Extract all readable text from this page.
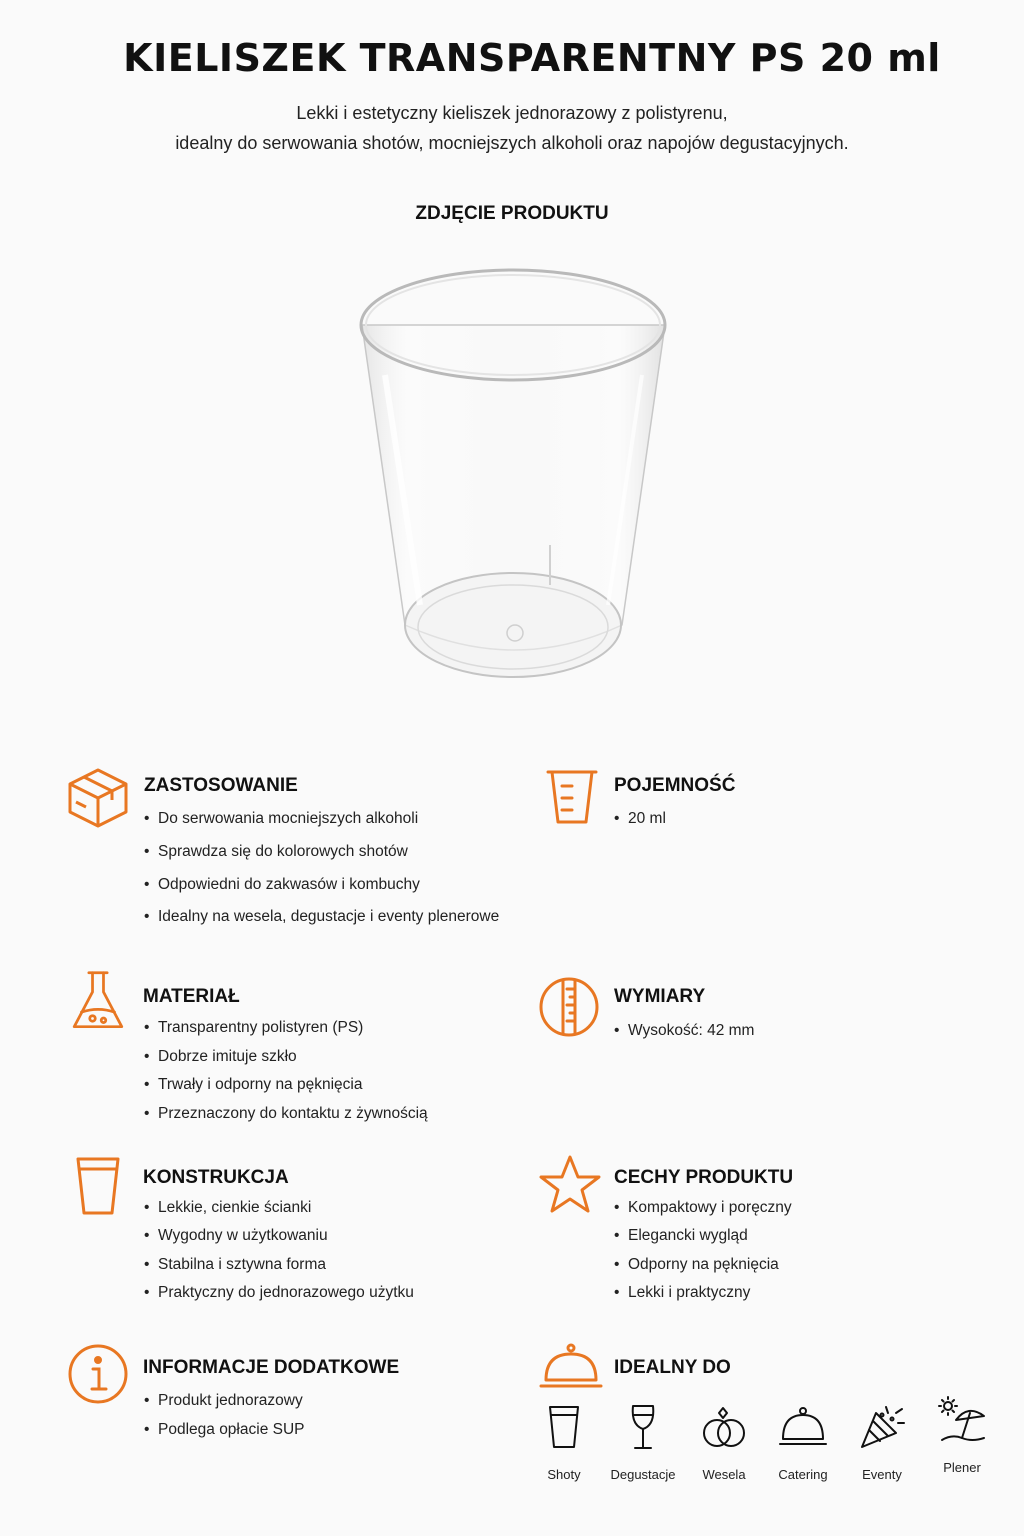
KIELISZEK TRANSPARENTNY PS 20 ml
Lekki i estetyczny kieliszek jednorazowy z polistyrenu,
idealny do serwowania shotów, mocniejszych alkoholi oraz napojów degustacyjnych.
ZDJĘCIE PRODUKTU
ZASTOSOWANIE
• Do serwowania mocniejszych alkoholi
• Sprawdza się do kolorowych shotów
• Odpowiedni do zakwasów i kombuchy
• Idealny na wesela, degustacje i eventy plenerowe
POJEMNOŚĆ
• 20 ml
MATERIAŁ
• Transparentny polistyren (PS)
• Dobrze imituje szkło
• Trwały i odporny na pęknięcia
• Przeznaczony do kontaktu z żywnością
WYMIARY
• Wysokość: 42 mm
KONSTRUKCJA
• Lekkie, cienkie ścianki
• Wygodny w użytkowaniu
• Stabilna i sztywna forma
• Praktyczny do jednorazowego użytku
CECHY PRODUKTU
• Kompaktowy i poręczny
• Elegancki wygląd
• Odporny na pęknięcia
• Lekki i praktyczny
INFORMACJE DODATKOWE
• Produkt jednorazowy
• Podlega opłacie SUP
IDEALNY DO
Shoty	Degustacje	Wesela	Catering	Eventy	Plener
